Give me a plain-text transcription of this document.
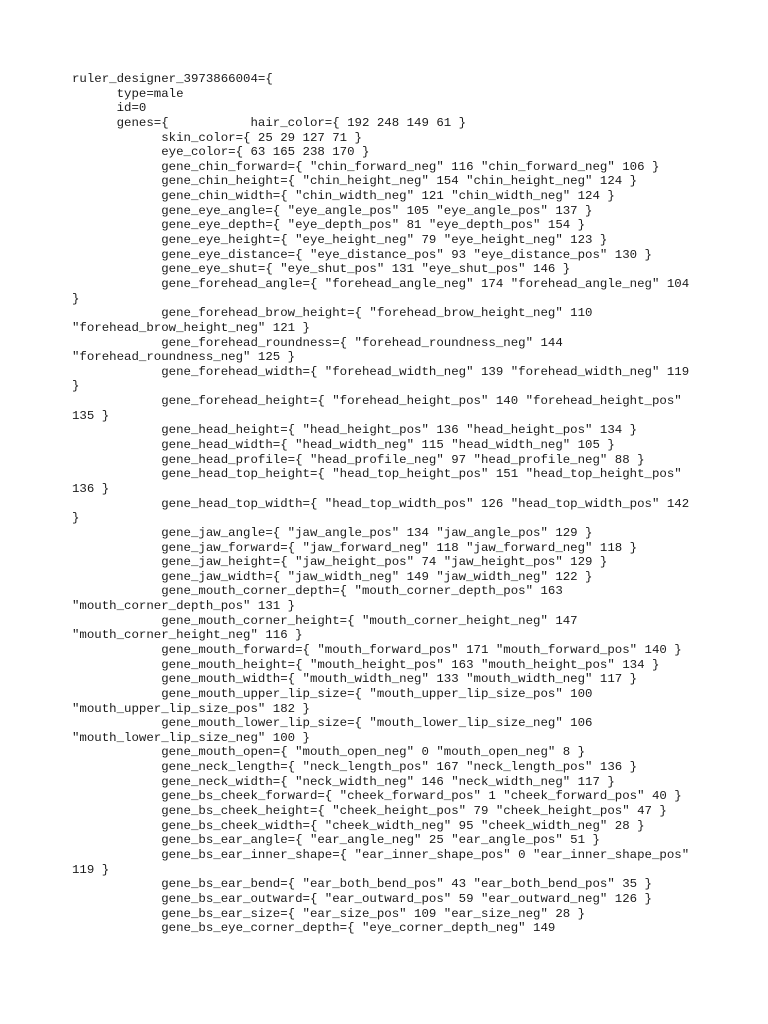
ruler_designer_3973866004={
type=male
id=0
genes={           hair_color={ 192 248 149 61 }
skin_color={ 25 29 127 71 }
eye_color={ 63 165 238 170 }
gene_chin_forward={ "chin_forward_neg" 116 "chin_forward_neg" 106 }
gene_chin_height={ "chin_height_neg" 154 "chin_height_neg" 124 }
gene_chin_width={ "chin_width_neg" 121 "chin_width_neg" 124 }
gene_eye_angle={ "eye_angle_pos" 105 "eye_angle_pos" 137 }
gene_eye_depth={ "eye_depth_pos" 81 "eye_depth_pos" 154 }
gene_eye_height={ "eye_height_neg" 79 "eye_height_neg" 123 }
gene_eye_distance={ "eye_distance_pos" 93 "eye_distance_pos" 130 }
gene_eye_shut={ "eye_shut_pos" 131 "eye_shut_pos" 146 }
gene_forehead_angle={ "forehead_angle_neg" 174 "forehead_angle_neg" 104
}
gene_forehead_brow_height={ "forehead_brow_height_neg" 110
"forehead_brow_height_neg" 121 }
gene_forehead_roundness={ "forehead_roundness_neg" 144
"forehead_roundness_neg" 125 }
gene_forehead_width={ "forehead_width_neg" 139 "forehead_width_neg" 119
}
gene_forehead_height={ "forehead_height_pos" 140 "forehead_height_pos"
135 }
gene_head_height={ "head_height_pos" 136 "head_height_pos" 134 }
gene_head_width={ "head_width_neg" 115 "head_width_neg" 105 }
gene_head_profile={ "head_profile_neg" 97 "head_profile_neg" 88 }
gene_head_top_height={ "head_top_height_pos" 151 "head_top_height_pos"
136 }
gene_head_top_width={ "head_top_width_pos" 126 "head_top_width_pos" 142
}
gene_jaw_angle={ "jaw_angle_pos" 134 "jaw_angle_pos" 129 }
gene_jaw_forward={ "jaw_forward_neg" 118 "jaw_forward_neg" 118 }
gene_jaw_height={ "jaw_height_pos" 74 "jaw_height_pos" 129 }
gene_jaw_width={ "jaw_width_neg" 149 "jaw_width_neg" 122 }
gene_mouth_corner_depth={ "mouth_corner_depth_pos" 163
"mouth_corner_depth_pos" 131 }
gene_mouth_corner_height={ "mouth_corner_height_neg" 147
"mouth_corner_height_neg" 116 }
gene_mouth_forward={ "mouth_forward_pos" 171 "mouth_forward_pos" 140 }
gene_mouth_height={ "mouth_height_pos" 163 "mouth_height_pos" 134 }
gene_mouth_width={ "mouth_width_neg" 133 "mouth_width_neg" 117 }
gene_mouth_upper_lip_size={ "mouth_upper_lip_size_pos" 100
"mouth_upper_lip_size_pos" 182 }
gene_mouth_lower_lip_size={ "mouth_lower_lip_size_neg" 106
"mouth_lower_lip_size_neg" 100 }
gene_mouth_open={ "mouth_open_neg" 0 "mouth_open_neg" 8 }
gene_neck_length={ "neck_length_pos" 167 "neck_length_pos" 136 }
gene_neck_width={ "neck_width_neg" 146 "neck_width_neg" 117 }
gene_bs_cheek_forward={ "cheek_forward_pos" 1 "cheek_forward_pos" 40 }
gene_bs_cheek_height={ "cheek_height_pos" 79 "cheek_height_pos" 47 }
gene_bs_cheek_width={ "cheek_width_neg" 95 "cheek_width_neg" 28 }
gene_bs_ear_angle={ "ear_angle_neg" 25 "ear_angle_pos" 51 }
gene_bs_ear_inner_shape={ "ear_inner_shape_pos" 0 "ear_inner_shape_pos"
119 }
gene_bs_ear_bend={ "ear_both_bend_pos" 43 "ear_both_bend_pos" 35 }
gene_bs_ear_outward={ "ear_outward_pos" 59 "ear_outward_neg" 126 }
gene_bs_ear_size={ "ear_size_pos" 109 "ear_size_neg" 28 }
gene_bs_eye_corner_depth={ "eye_corner_depth_neg" 149
